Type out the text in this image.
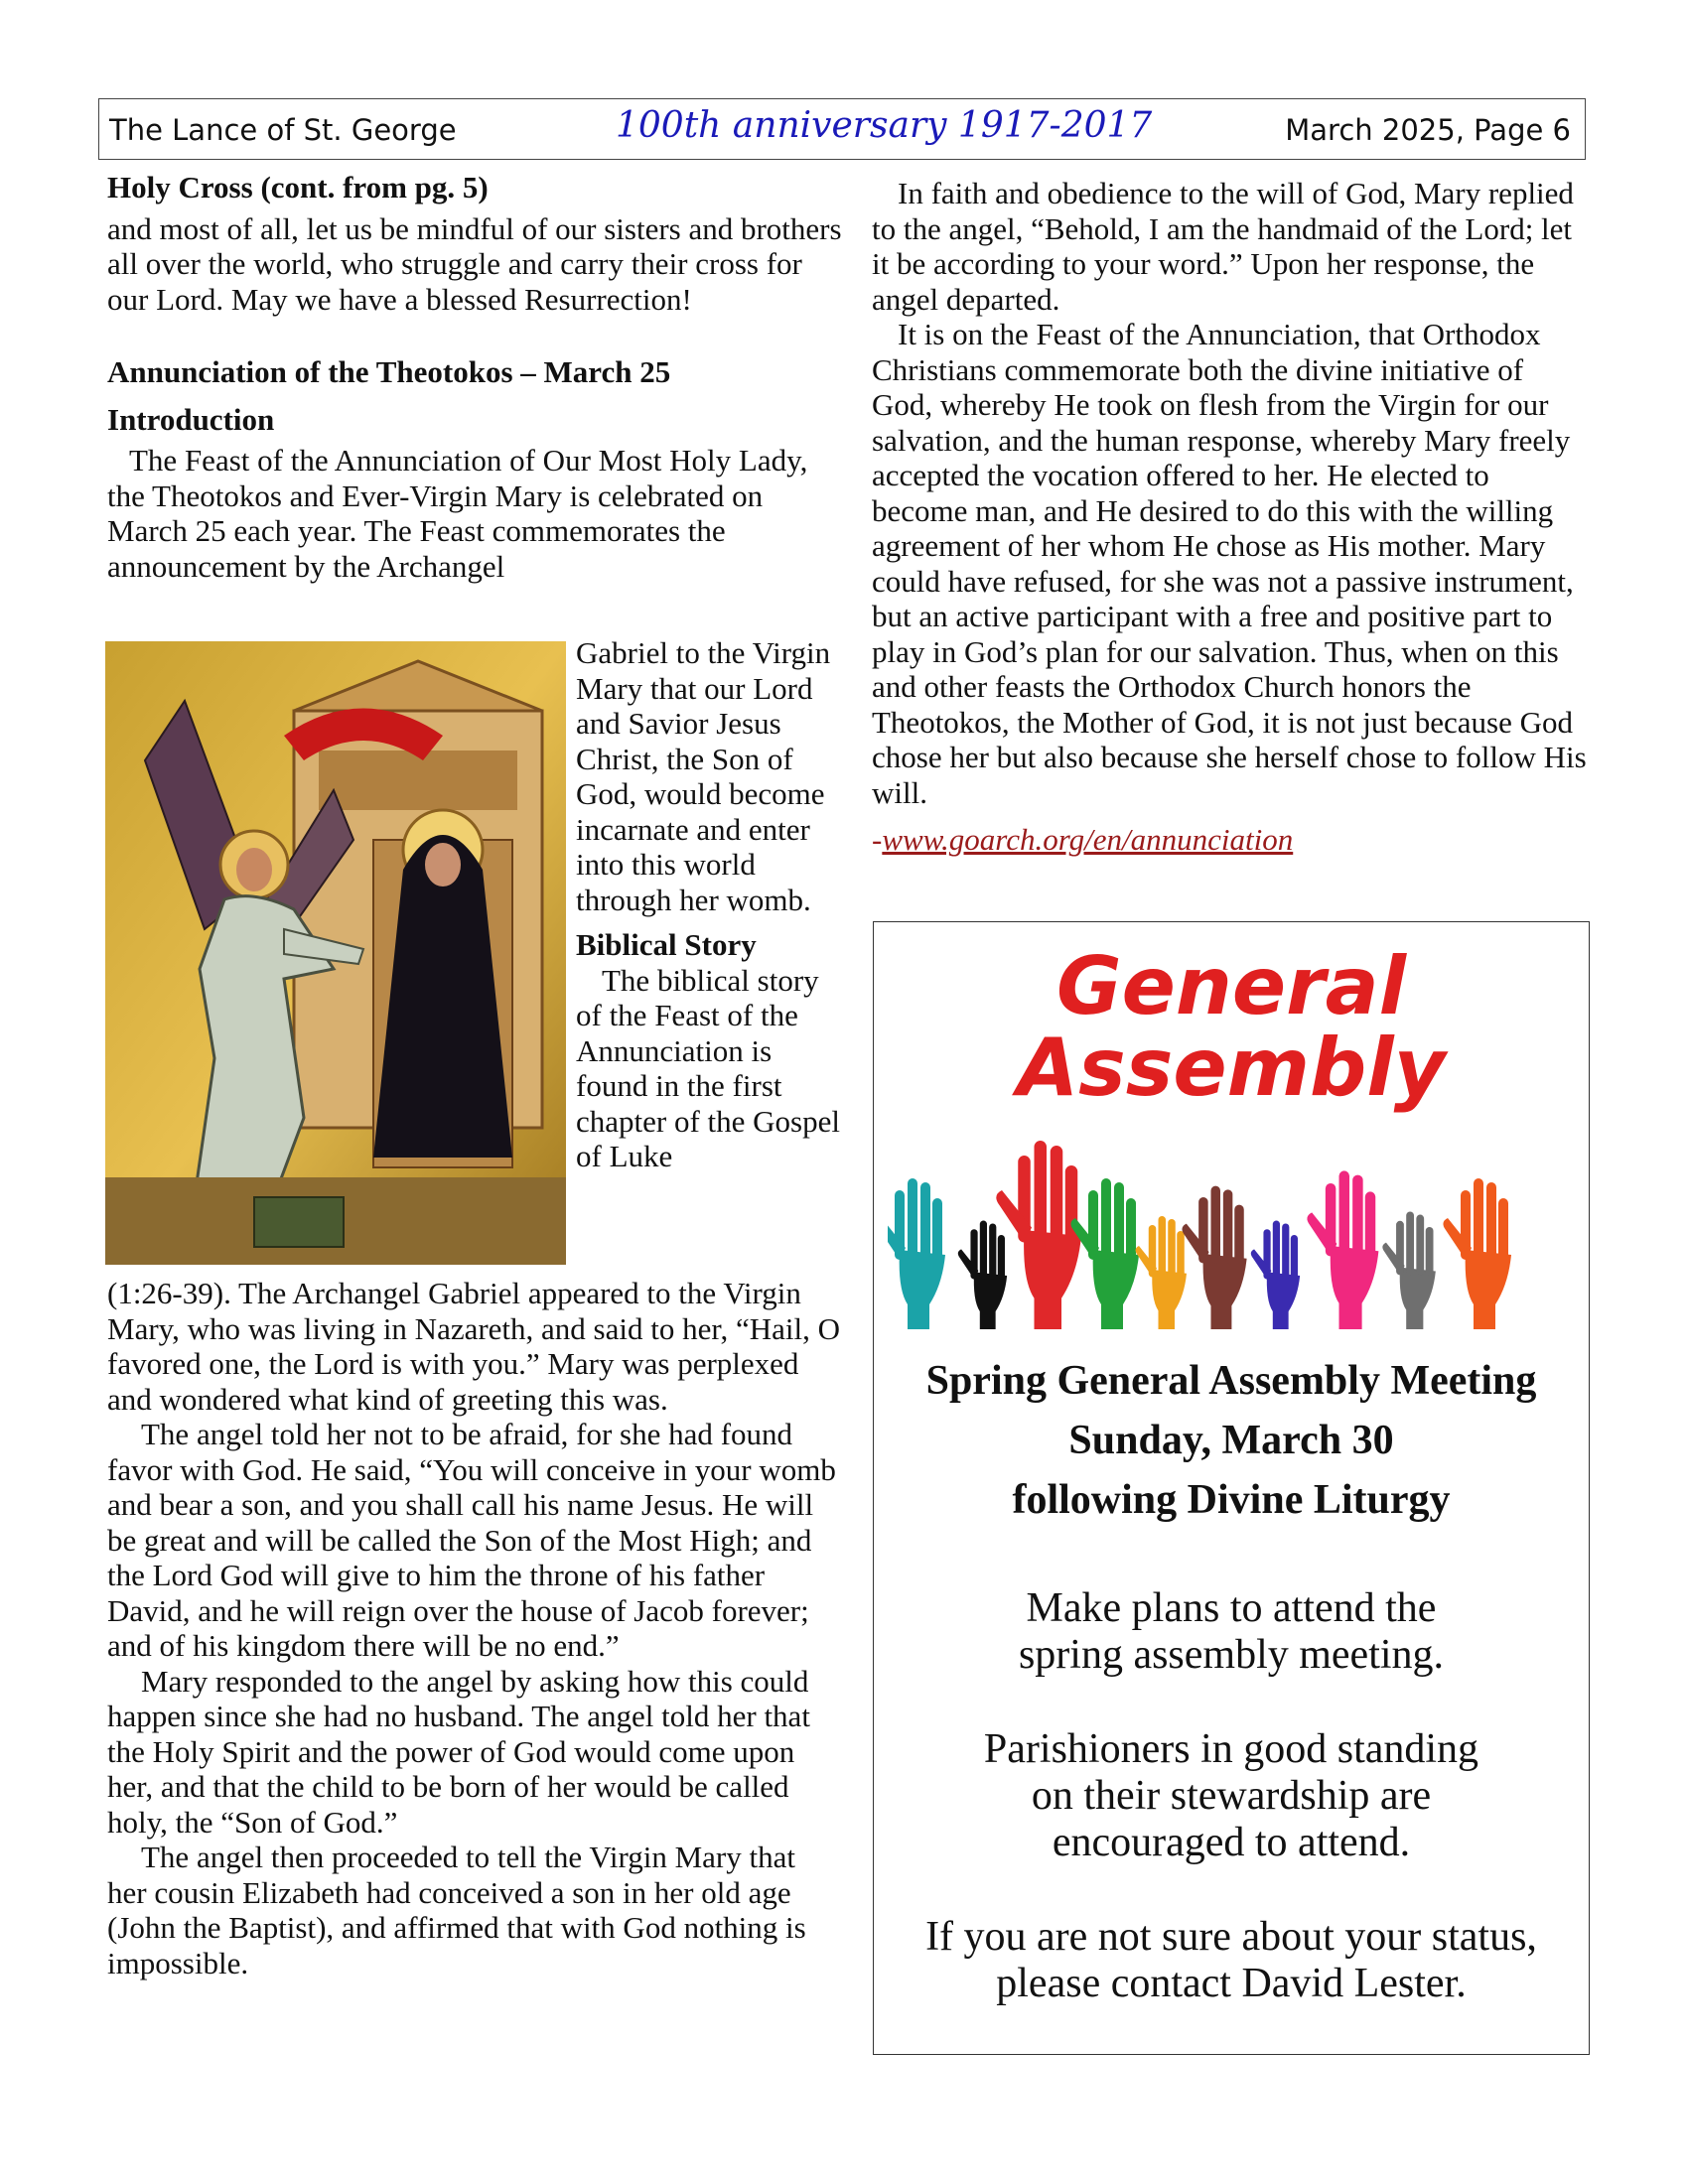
The Lance of St. George	100th anniversary 1917-2017	March 2025, Page 6
Holy Cross (cont. from pg. 5)

and most of all, let us be mindful of our sisters and brothers all over the world, who struggle and carry their cross for our Lord. May we have a blessed Resurrection!

Annunciation of the Theotokos – March 25
Introduction

The Feast of the Annunciation of Our Most Holy Lady, the Theotokos and Ever-Virgin Mary is celebrated on March 25 each year. The Feast commemorates the announcement by the Archangel

Gabriel to the Virgin Mary that our Lord and Savior Jesus Christ, the Son of God, would become incarnate and enter into this world through her womb.

Biblical Story

The biblical story of the Feast of the Annunciation is found in the first chapter of the Gospel of Luke

(1:26-39). The Archangel Gabriel appeared to the Virgin Mary, who was living in Nazareth, and said to her, “Hail, O favored one, the Lord is with you.” Mary was perplexed and wondered what kind of greeting this was.

The angel told her not to be afraid, for she had found favor with God. He said, “You will conceive in your womb and bear a son, and you shall call his name Jesus. He will be great and will be called the Son of the Most High; and the Lord God will give to him the throne of his father David, and he will reign over the house of Jacob forever; and of his kingdom there will be no end.”

Mary responded to the angel by asking how this could happen since she had no husband. The angel told her that the Holy Spirit and the power of God would come upon her, and that the child to be born of her would be called holy, the “Son of God.”

The angel then proceeded to tell the Virgin Mary that her cousin Elizabeth had conceived a son in her old age (John the Baptist), and affirmed that with God nothing is impossible.

In faith and obedience to the will of God, Mary replied to the angel, “Behold, I am the handmaid of the Lord; let it be according to your word.” Upon her response, the angel departed.

It is on the Feast of the Annunciation, that Orthodox Christians commemorate both the divine initiative of God, whereby He took on flesh from the Virgin for our salvation, and the human response, whereby Mary freely accepted the vocation offered to her. He elected to become man, and He desired to do this with the willing agreement of her whom He chose as His mother. Mary could have refused, for she was not a passive instrument, but an active participant with a free and positive part to play in God’s plan for our salvation. Thus, when on this and other feasts the Orthodox Church honors the Theotokos, the Mother of God, it is not just because God chose her but also because she herself chose to follow His will.

-www.goarch.org/en/annunciation

General
Assembly
Spring General Assembly Meeting
Sunday, March 30
following Divine Liturgy
Make plans to attend the
spring assembly meeting.
Parishioners in good standing
on their stewardship are
encouraged to attend.
If you are not sure about your status,
please contact David Lester.
